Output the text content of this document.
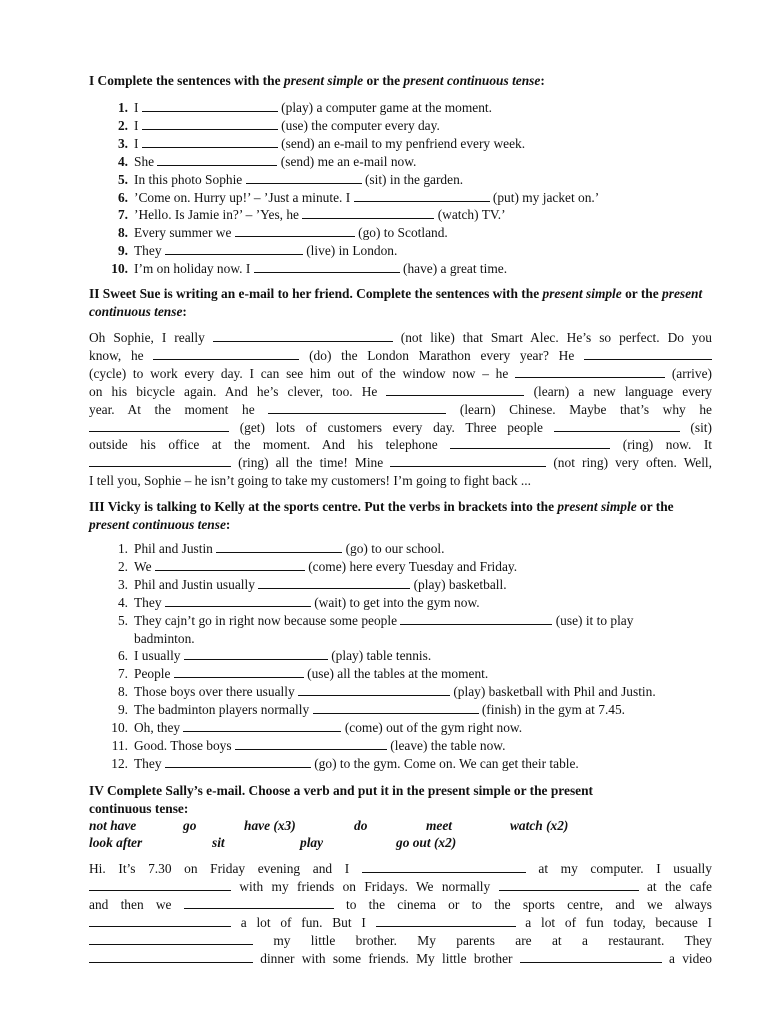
I Complete the sentences with the present simple or the present continuous tense:
1. I	(play) a computer game at the moment.
2. I	(use) the computer every day.
3. I	(send) an e-mail to my penfriend every week.
4. She	(send) me an e-mail now.
5. In this photo Sophie	(sit) in the garden.
6. ’Come on. Hurry up!’ – ’Just a minute. I	(put) my jacket on.’
7. ’Hello. Is Jamie in?’ – ’Yes, he	(watch) TV.’
8. Every summer we	(go) to Scotland.
9. They	(live) in London.
10. I’m on holiday now. I	(have) a great time.
II Sweet Sue is writing an e-mail to her friend. Complete the sentences with the present simple or the present continuous tense:
Oh Sophie, I really	(not like) that Smart Alec. He’s so perfect. Do you
know, he	(do) the London Marathon every year? He
(cycle) to work every day. I can see him out of the window now – he	(arrive)
on his bicycle again. And he’s clever, too. He	(learn) a new language every
year. At the moment he	(learn) Chinese. Maybe that’s why he
(get) lots of customers every day. Three people	(sit)
outside his office at the moment. And his telephone	(ring) now. It
(ring) all the time! Mine	(not ring) very often. Well,
I tell you, Sophie – he isn’t going to take my customers! I’m going to fight back ...
III Vicky is talking to Kelly at the sports centre. Put the verbs in brackets into the present simple or the present continuous tense:
1. Phil and Justin	(go) to our school.
2. We	(come) here every Tuesday and Friday.
3. Phil and Justin usually	(play) basketball.
4. They	(wait) to get into the gym now.
5. They cajn’t go in right now because some people	(use) it to play
badminton.
6. I usually	(play) table tennis.
7. People	(use) all the tables at the moment.
8. Those boys over there usually	(play) basketball with Phil and Justin.
9. The badminton players normally	(finish) in the gym at 7.45.
10. Oh, they	(come) out of the gym right now.
11. Good. Those boys	(leave) the table now.
12. They	(go) to the gym. Come on. We can get their table.
IV Complete Sally’s e-mail. Choose a verb and put it in the present simple or the present
continuous tense:
not have	go	have (x3)	do	meet	watch (x2)
look after	sit	play	go out (x2)
Hi. It’s 7.30 on Friday evening and I	at my computer. I usually
with my friends on Fridays. We normally	at the cafe
and then we	to the cinema or to the sports centre, and we always
a lot of fun. But I	a lot of fun today, because I
my little brother. My parents are at a restaurant. They
dinner with some friends. My little brother	a video
